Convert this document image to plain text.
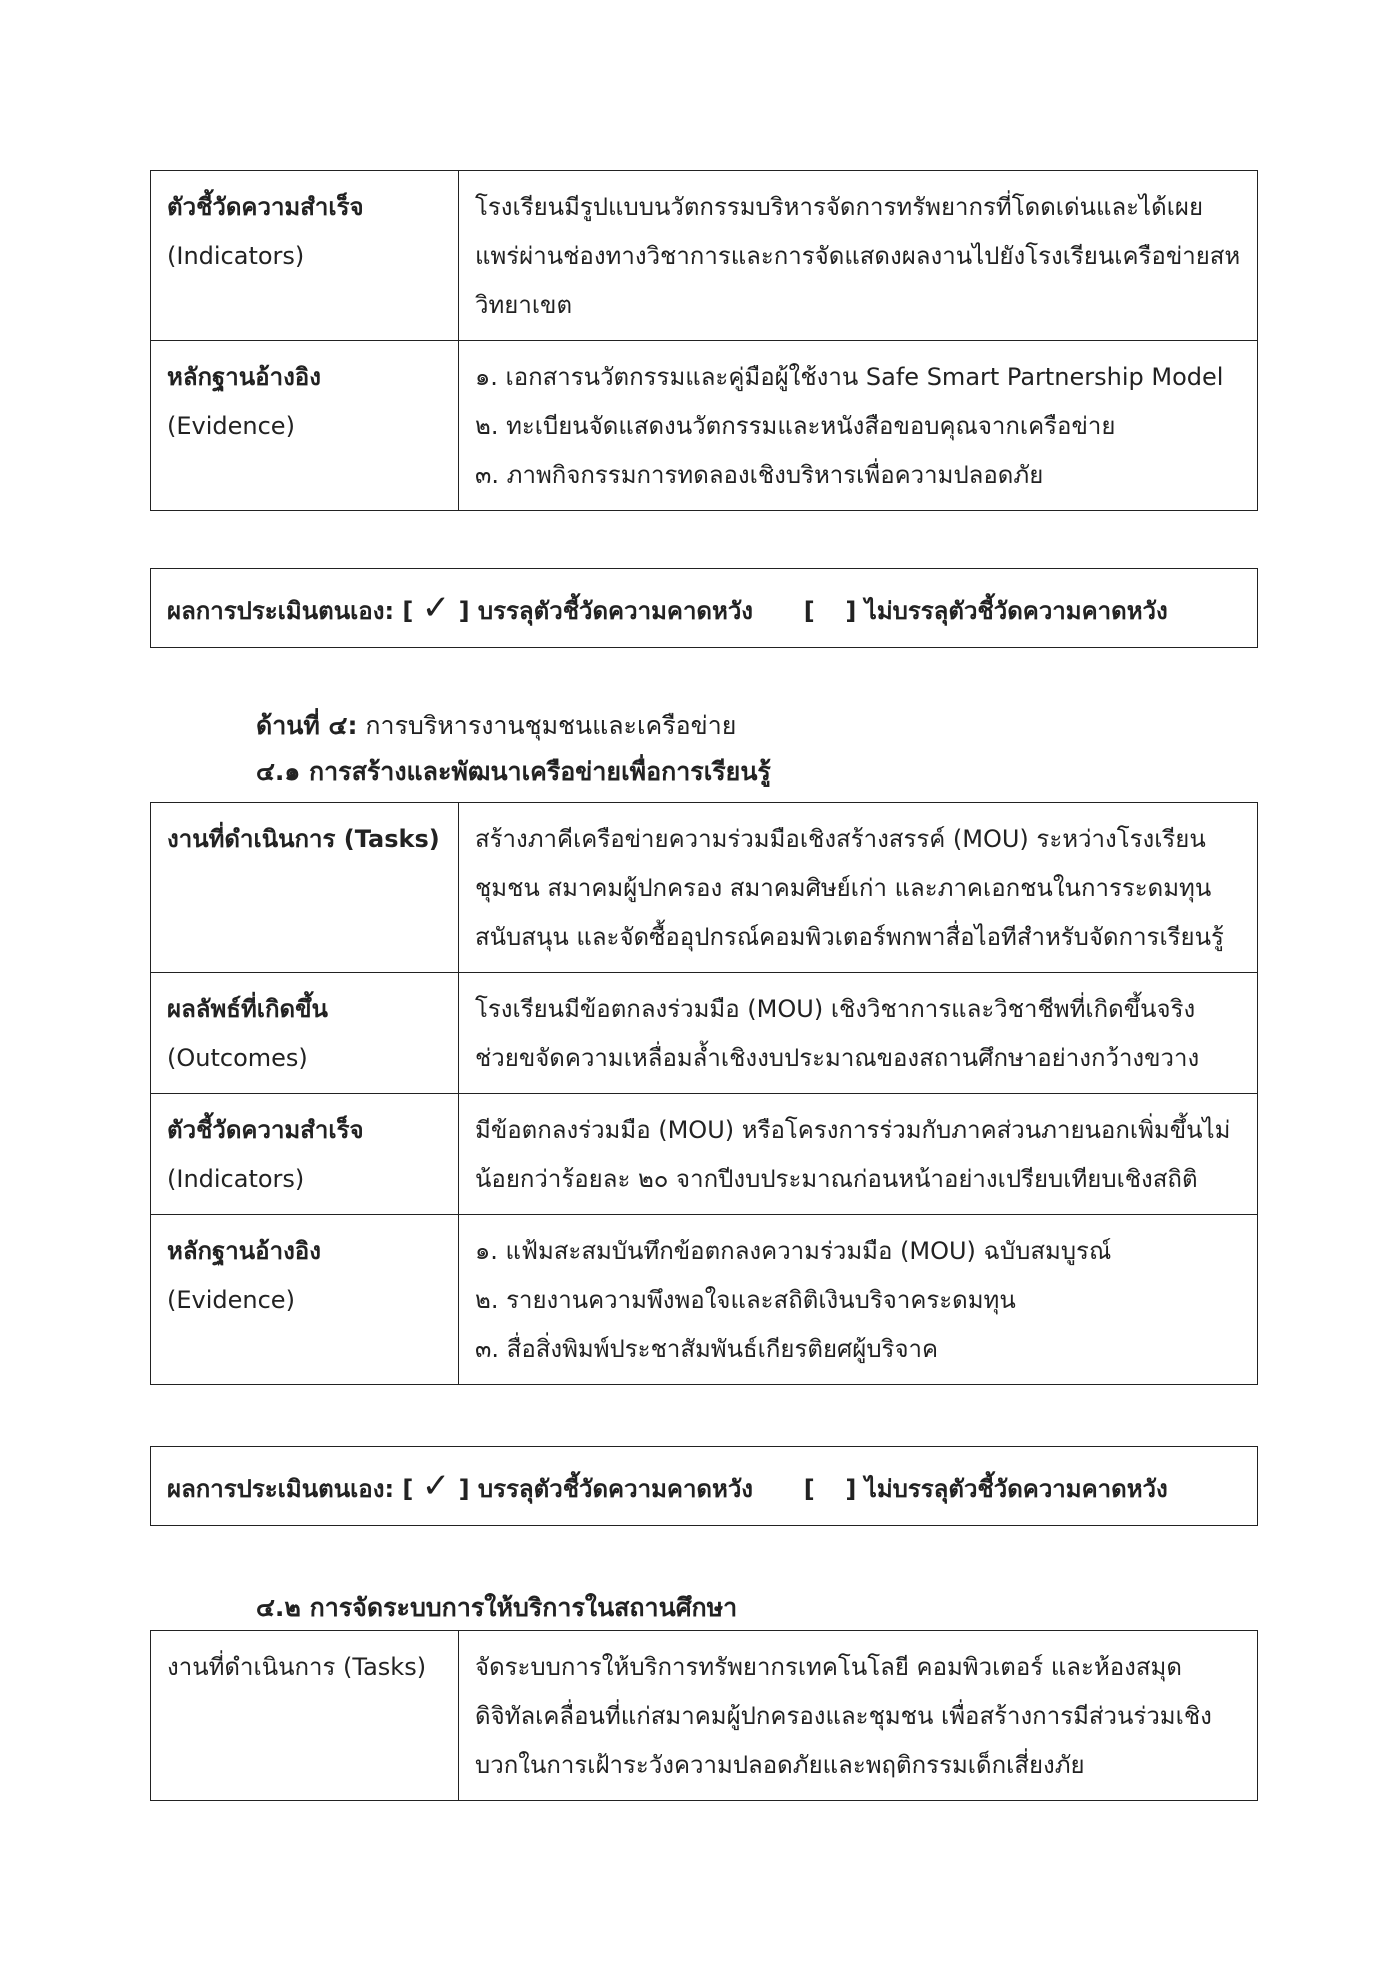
ตัวชี้วัดความสำเร็จ
(Indicators)	โรงเรียนมีรูปแบบนวัตกรรมบริหารจัดการทรัพยากรที่โดดเด่นและได้เผยแพร่ผ่านช่องทางวิชาการและการจัดแสดงผลงานไปยังโรงเรียนเครือข่ายสหวิทยาเขต

หลักฐานอ้างอิง
(Evidence)	๑. เอกสารนวัตกรรมและคู่มือผู้ใช้งาน Safe Smart Partnership Model
๒. ทะเบียนจัดแสดงนวัตกรรมและหนังสือขอบคุณจากเครือข่าย
๓. ภาพกิจกรรมการทดลองเชิงบริหารเพื่อความปลอดภัย
ผลการประเมินตนเอง: [ ✓ ] บรรลุตัวชี้วัดความคาดหวัง [ ] ไม่บรรลุตัวชี้วัดความคาดหวัง
ด้านที่ ๔: การบริหารงานชุมชนและเครือข่าย
๔.๑ การสร้างและพัฒนาเครือข่ายเพื่อการเรียนรู้
งานที่ดำเนินการ (Tasks)	สร้างภาคีเครือข่ายความร่วมมือเชิงสร้างสรรค์ (MOU) ระหว่างโรงเรียน ชุมชน สมาคมผู้ปกครอง สมาคมศิษย์เก่า และภาคเอกชนในการระดมทุนสนับสนุน และจัดซื้ออุปกรณ์คอมพิวเตอร์พกพาสื่อไอทีสำหรับจัดการเรียนรู้

ผลลัพธ์ที่เกิดขึ้น
(Outcomes)	โรงเรียนมีข้อตกลงร่วมมือ (MOU) เชิงวิชาการและวิชาชีพที่เกิดขึ้นจริง ช่วยขจัดความเหลื่อมล้ำเชิงงบประมาณของสถานศึกษาอย่างกว้างขวาง

ตัวชี้วัดความสำเร็จ
(Indicators)	มีข้อตกลงร่วมมือ (MOU) หรือโครงการร่วมกับภาคส่วนภายนอกเพิ่มขึ้นไม่น้อยกว่าร้อยละ ๒๐ จากปีงบประมาณก่อนหน้าอย่างเปรียบเทียบเชิงสถิติ

หลักฐานอ้างอิง
(Evidence)	๑. แฟ้มสะสมบันทึกข้อตกลงความร่วมมือ (MOU) ฉบับสมบูรณ์
๒. รายงานความพึงพอใจและสถิติเงินบริจาคระดมทุน
๓. สื่อสิ่งพิมพ์ประชาสัมพันธ์เกียรติยศผู้บริจาค
ผลการประเมินตนเอง: [ ✓ ] บรรลุตัวชี้วัดความคาดหวัง [ ] ไม่บรรลุตัวชี้วัดความคาดหวัง
๔.๒ การจัดระบบการให้บริการในสถานศึกษา
งานที่ดำเนินการ (Tasks)	จัดระบบการให้บริการทรัพยากรเทคโนโลยี คอมพิวเตอร์ และห้องสมุดดิจิทัลเคลื่อนที่แก่สมาคมผู้ปกครองและชุมชน เพื่อสร้างการมีส่วนร่วมเชิงบวกในการเฝ้าระวังความปลอดภัยและพฤติกรรมเด็กเสี่ยงภัย
